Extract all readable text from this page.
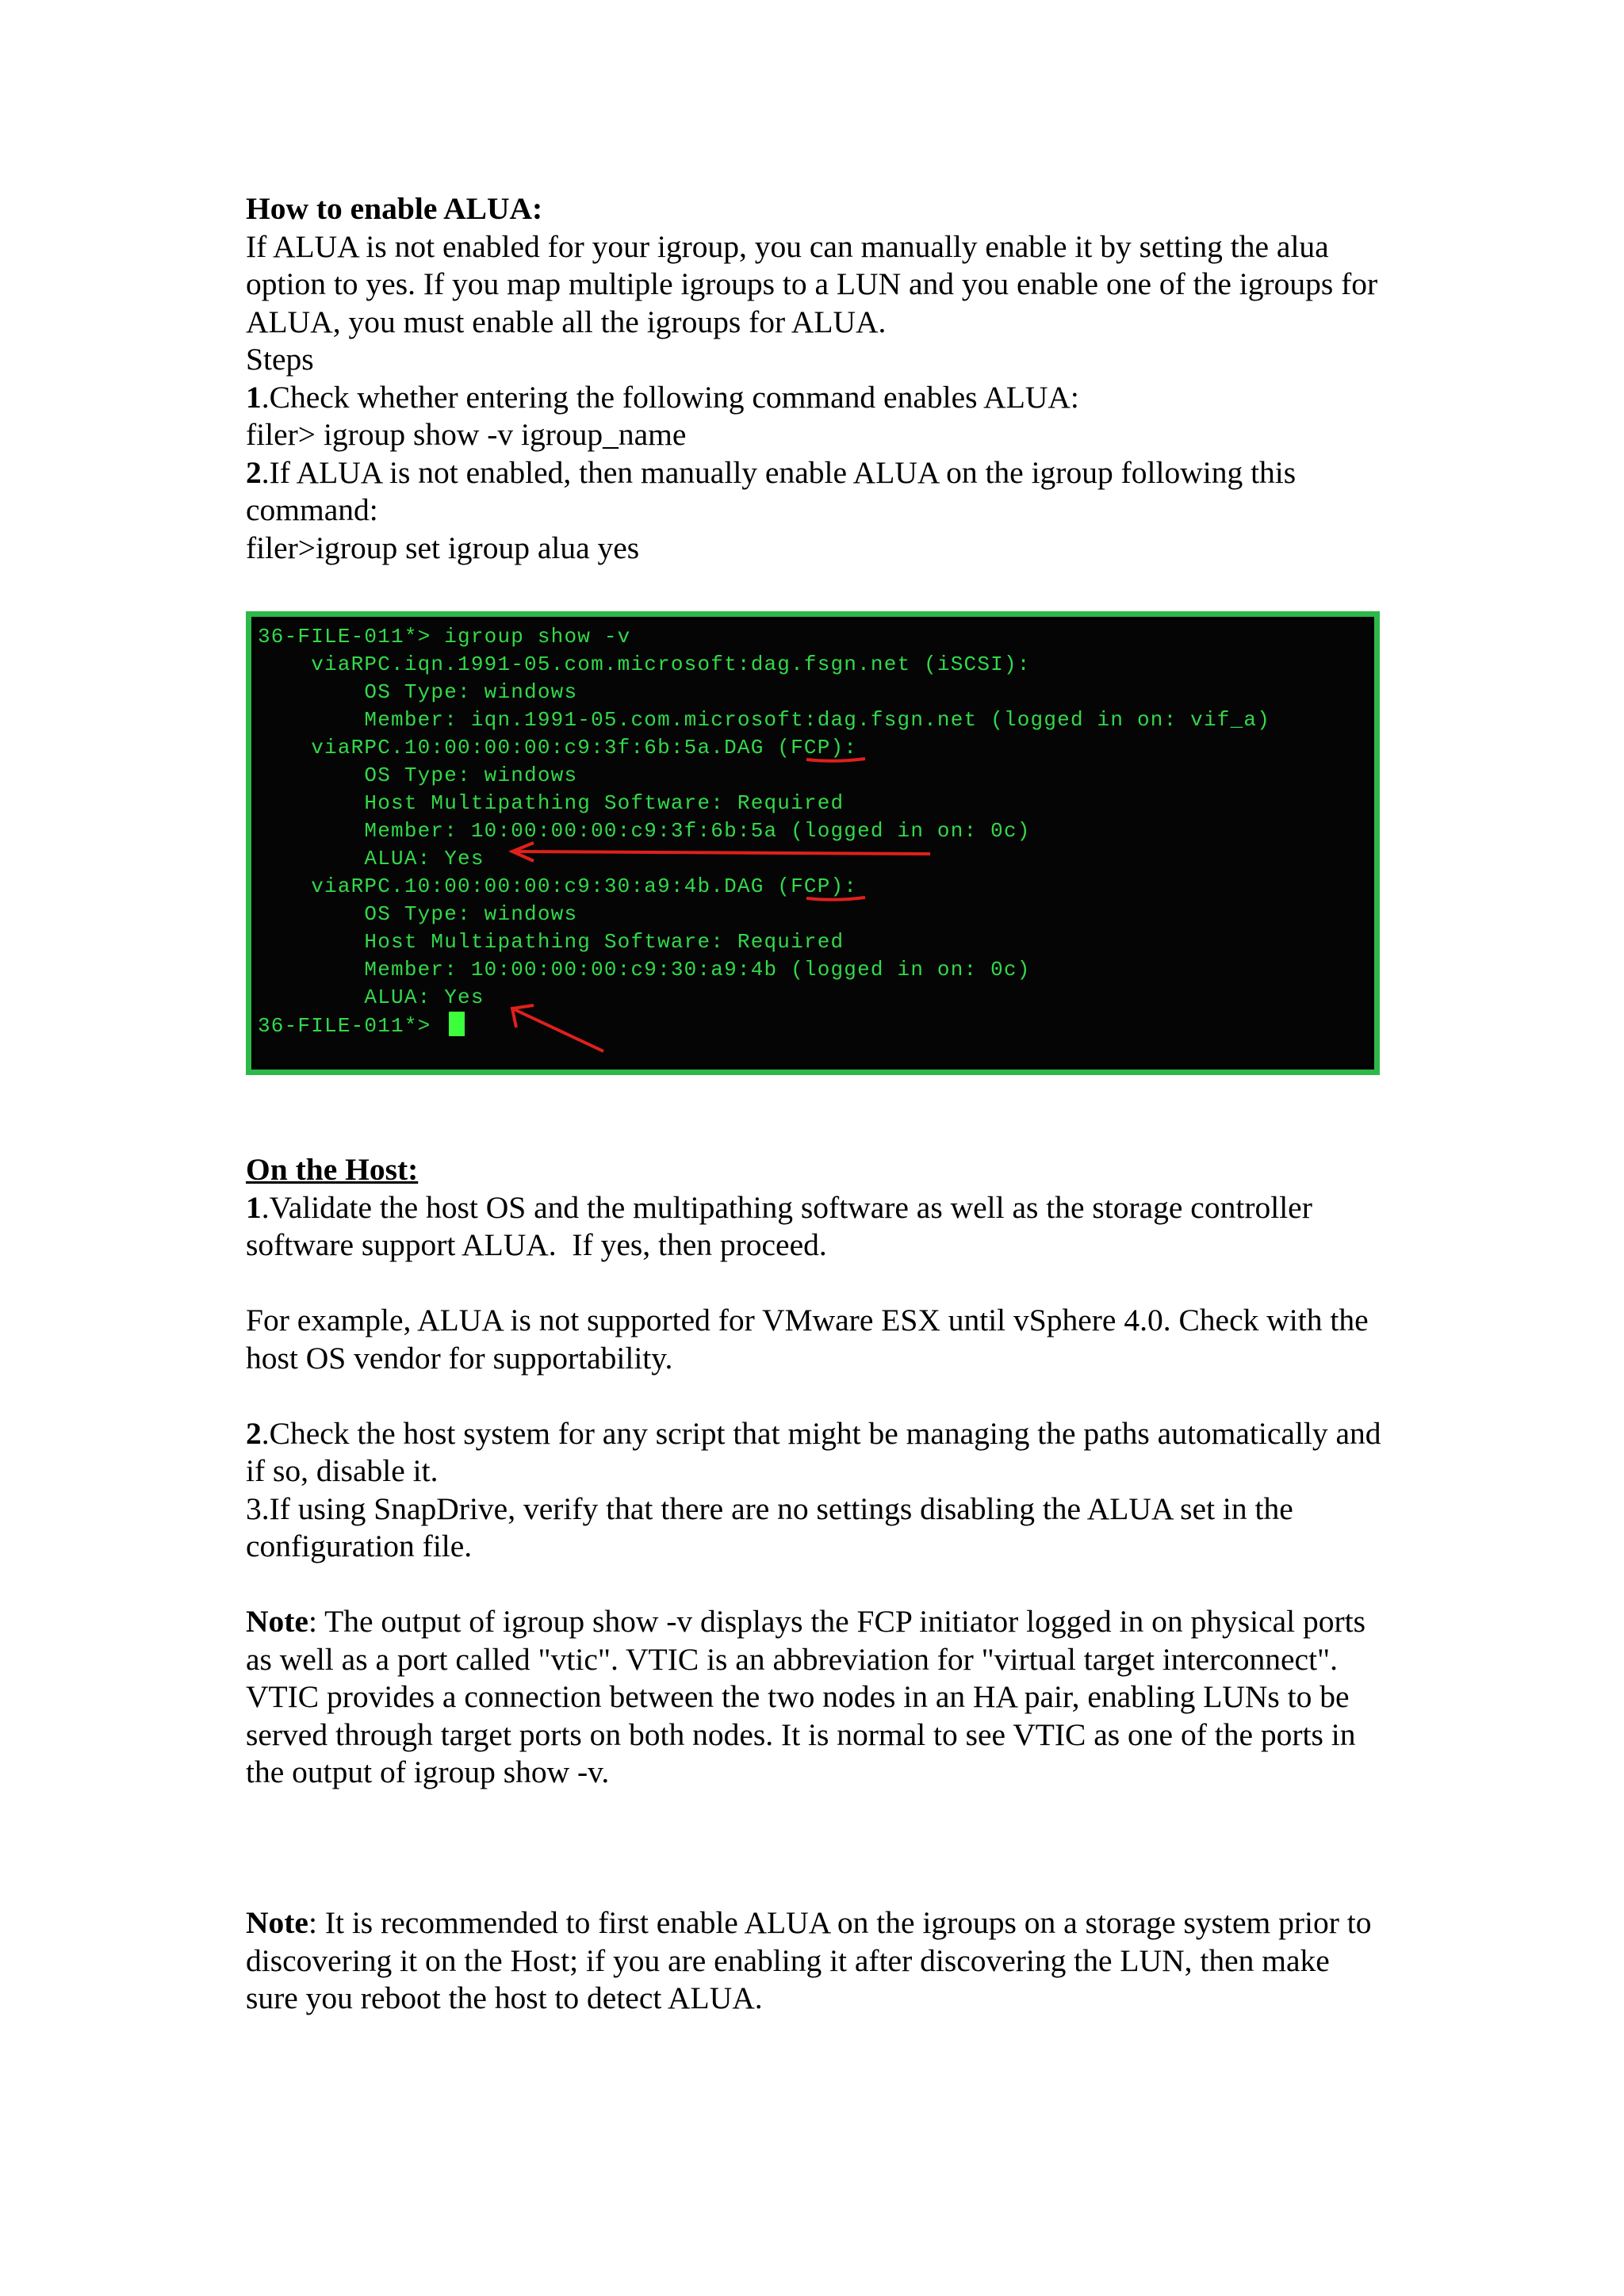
How to enable ALUA:

If ALUA is not enabled for your igroup, you can manually enable it by setting the alua option to yes. If you map multiple igroups to a LUN and you enable one of the igroups for ALUA, you must enable all the igroups for ALUA.

Steps

1.Check whether entering the following command enables ALUA:

filer> igroup show -v igroup_name

2.If ALUA is not enabled, then manually enable ALUA on the igroup following this command:

filer>igroup set igroup alua yes

36-FILE-011*> igroup show -v
viaRPC.iqn.1991-05.com.microsoft:dag.fsgn.net (iSCSI):
OS Type: windows
Member: iqn.1991-05.com.microsoft:dag.fsgn.net (logged in on: vif_a)
viaRPC.10:00:00:00:c9:3f:6b:5a.DAG (FCP):
OS Type: windows
Host Multipathing Software: Required
Member: 10:00:00:00:c9:3f:6b:5a (logged in on: 0c)
ALUA: Yes
viaRPC.10:00:00:00:c9:30:a9:4b.DAG (FCP):
OS Type: windows
Host Multipathing Software: Required
Member: 10:00:00:00:c9:30:a9:4b (logged in on: 0c)
ALUA: Yes
36-FILE-011*>

On the Host:

1.Validate the host OS and the multipathing software as well as the storage controller software support ALUA.  If yes, then proceed.

For example, ALUA is not supported for VMware ESX until vSphere 4.0. Check with the host OS vendor for supportability.

2.Check the host system for any script that might be managing the paths automatically and if so, disable it.

3.If using SnapDrive, verify that there are no settings disabling the ALUA set in the configuration file.

Note: The output of igroup show -v displays the FCP initiator logged in on physical ports as well as a port called "vtic". VTIC is an abbreviation for "virtual target interconnect". VTIC provides a connection between the two nodes in an HA pair, enabling LUNs to be served through target ports on both nodes. It is normal to see VTIC as one of the ports in the output of igroup show -v.

Note: It is recommended to first enable ALUA on the igroups on a storage system prior to discovering it on the Host; if you are enabling it after discovering the LUN, then make sure you reboot the host to detect ALUA.
